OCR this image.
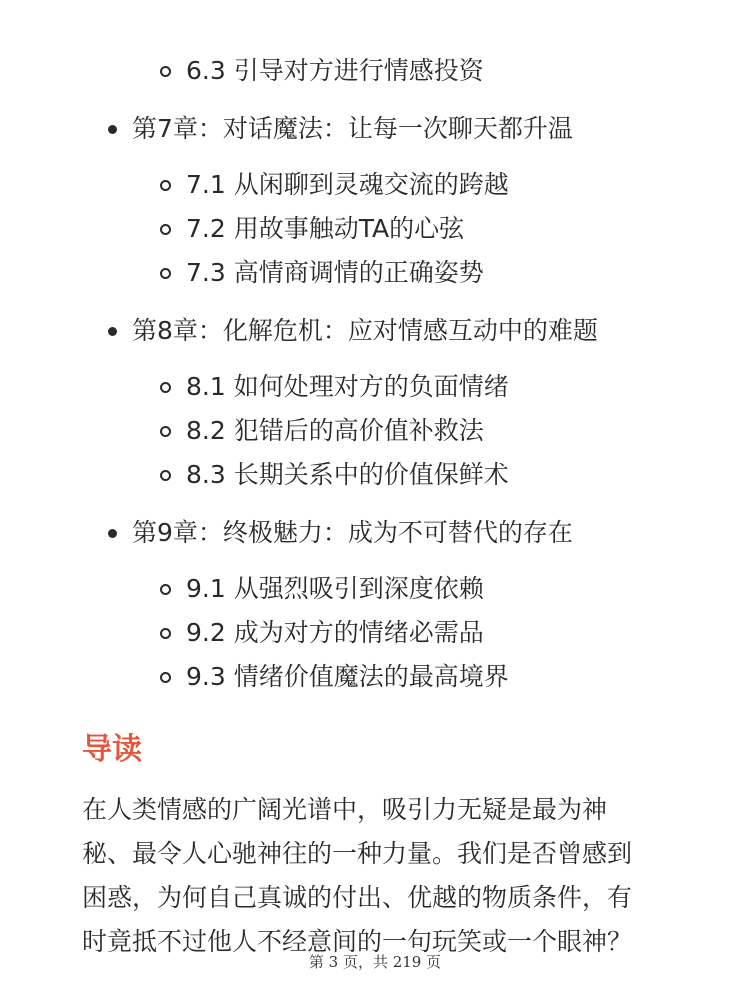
6.3 引导对方进行情感投资
第7章：对话魔法：让每一次聊天都升温
7.1 从闲聊到灵魂交流的跨越
7.2 用故事触动TA的心弦
7.3 高情商调情的正确姿势
第8章：化解危机：应对情感互动中的难题
8.1 如何处理对方的负面情绪
8.2 犯错后的高价值补救法
8.3 长期关系中的价值保鲜术
第9章：终极魅力：成为不可替代的存在
9.1 从强烈吸引到深度依赖
9.2 成为对方的情绪必需品
9.3 情绪价值魔法的最高境界
导读
在人类情感的广阔光谱中，吸引力无疑是最为神
秘、最令人心驰神往的一种力量。我们是否曾感到
困惑，为何自己真诚的付出、优越的物质条件，有
时竟抵不过他人不经意间的一句玩笑或一个眼神？
第 3 页，共 219 页
